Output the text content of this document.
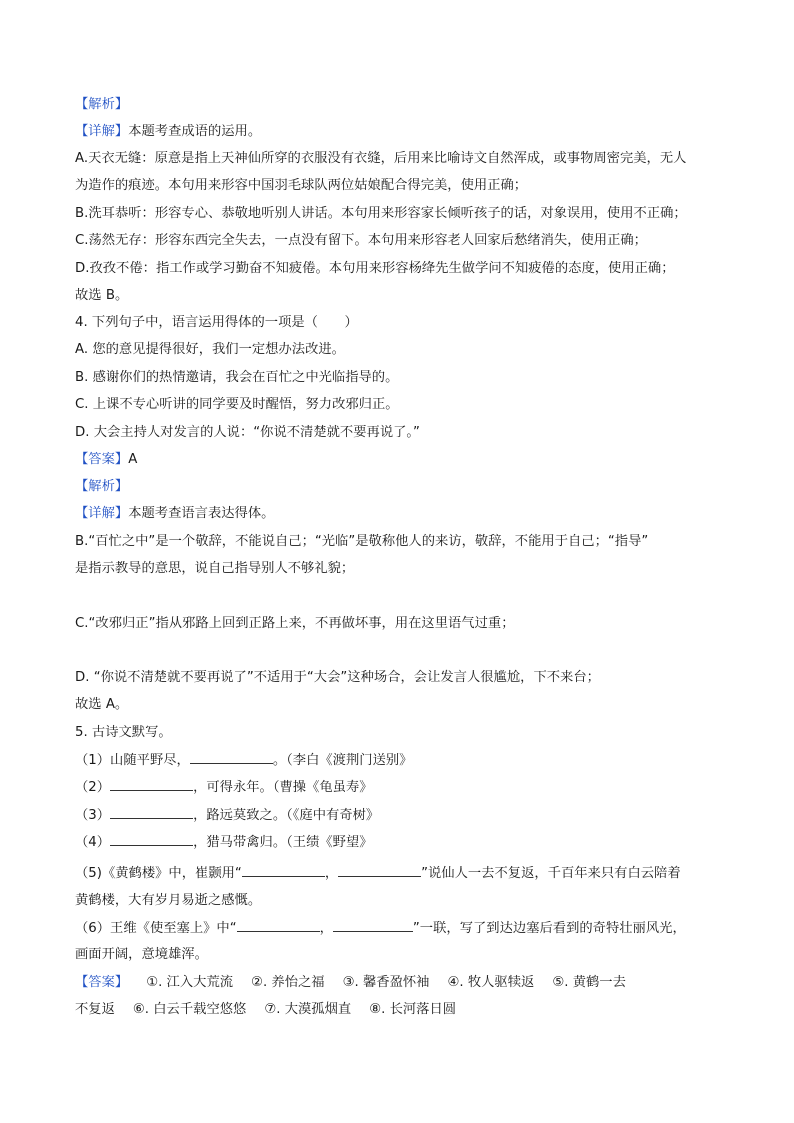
【解析】
【详解】本题考查成语的运用。
A.天衣无缝：原意是指上天神仙所穿的衣服没有衣缝，后用来比喻诗文自然浑成，或事物周密完美，无人
为造作的痕迹。本句用来形容中国羽毛球队两位姑娘配合得完美，使用正确；
B.洗耳恭听：形容专心、恭敬地听别人讲话。本句用来形容家长倾听孩子的话，对象误用，使用不正确；
C.荡然无存：形容东西完全失去，一点没有留下。本句用来形容老人回家后愁绪消失，使用正确；
D.孜孜不倦：指工作或学习勤奋不知疲倦。本句用来形容杨绛先生做学问不知疲倦的态度，使用正确；
故选 B。
4. 下列句子中，语言运用得体的一项是（　　）
A. 您的意见提得很好，我们一定想办法改进。
B. 感谢你们的热情邀请，我会在百忙之中光临指导的。
C. 上课不专心听讲的同学要及时醒悟，努力改邪归正。
D. 大会主持人对发言的人说：“你说不清楚就不要再说了。”
【答案】A
【解析】
【详解】本题考查语言表达得体。
B.“百忙之中”是一个敬辞，不能说自己；“光临”是敬称他人的来访，敬辞，不能用于自己；“指导”
是指示教导的意思，说自己指导别人不够礼貌；
C.“改邪归正”指从邪路上回到正路上来，不再做坏事，用在这里语气过重；
D. “你说不清楚就不要再说了”不适用于“大会”这种场合，会让发言人很尴尬，下不来台；
故选 A。
5. 古诗文默写。
（1）山随平野尽，	。（李白《渡荆门送别》
（2）	，可得永年。（曹操《龟虽寿》
（3）	，路远莫致之。（《庭中有奇树》
（4）	，猎马带禽归。（王绩《野望》
（5)《黄鹤楼》中，崔颢用“	，	”说仙人一去不复返，千百年来只有白云陪着
黄鹤楼，大有岁月易逝之感慨。
（6）王维《使至塞上》中“	，	”一联，写了到达边塞后看到的奇特壮丽风光，
画面开阔，意境雄浑。
【答案】 ①. 江入大荒流 ②. 养怡之福 ③. 馨香盈怀袖 ④. 牧人驱犊返 ⑤. 黄鹤一去
不复返 ⑥. 白云千载空悠悠 ⑦. 大漠孤烟直 ⑧. 长河落日圆
